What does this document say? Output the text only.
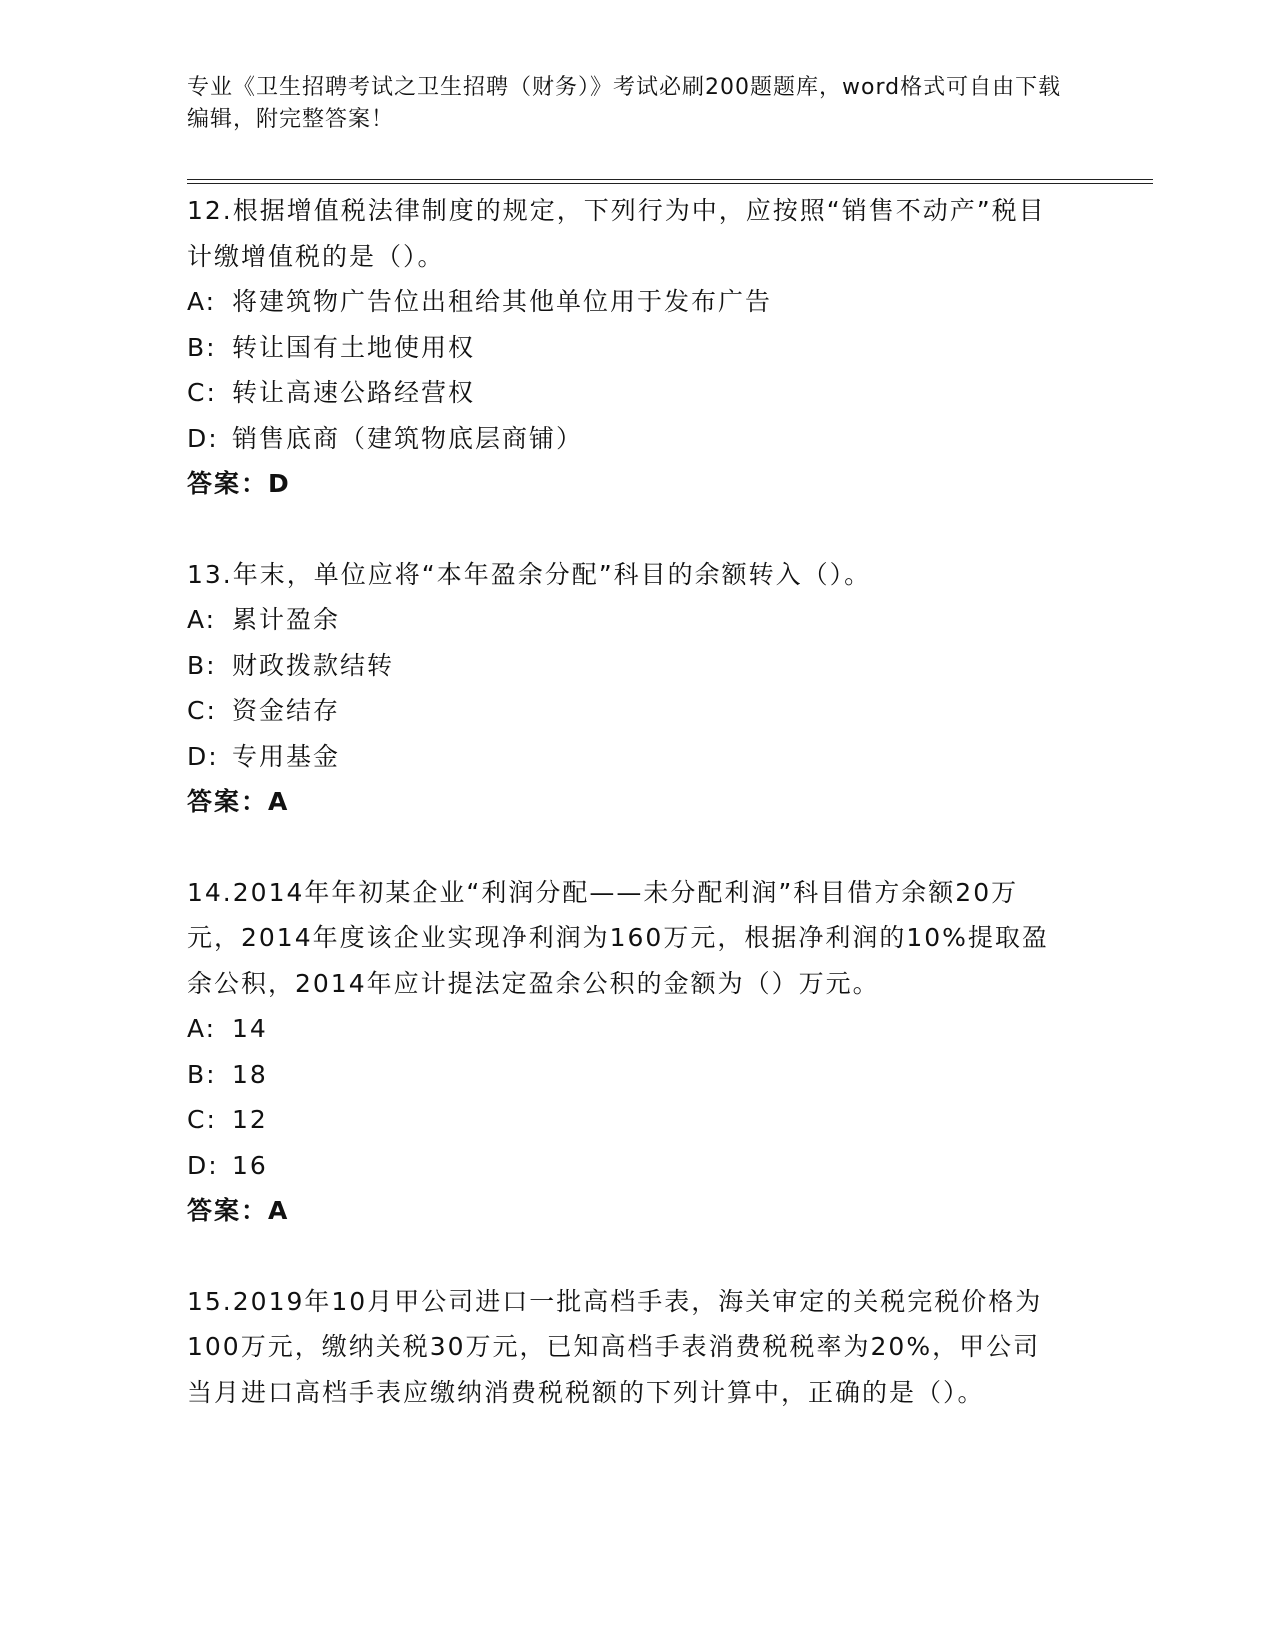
专业《卫生招聘考试之卫生招聘（财务）》考试必刷200题题库，word格式可自由下载编辑，附完整答案！
12.根据增值税法律制度的规定，下列行为中，应按照“销售不动产”税目计缴增值税的是（）。
A: 将建筑物广告位出租给其他单位用于发布广告
B: 转让国有土地使用权
C: 转让高速公路经营权
D: 销售底商（建筑物底层商铺）
答案：D
13.年末，单位应将“本年盈余分配”科目的余额转入（）。
A: 累计盈余
B: 财政拨款结转
C: 资金结存
D: 专用基金
答案：A
14.2014年年初某企业“利润分配——未分配利润”科目借方余额20万元，2014年度该企业实现净利润为160万元，根据净利润的10%提取盈余公积，2014年应计提法定盈余公积的金额为（）万元。
A: 14
B: 18
C: 12
D: 16
答案：A
15.2019年10月甲公司进口一批高档手表，海关审定的关税完税价格为100万元，缴纳关税30万元，已知高档手表消费税税率为20%，甲公司当月进口高档手表应缴纳消费税税额的下列计算中，正确的是（）。
